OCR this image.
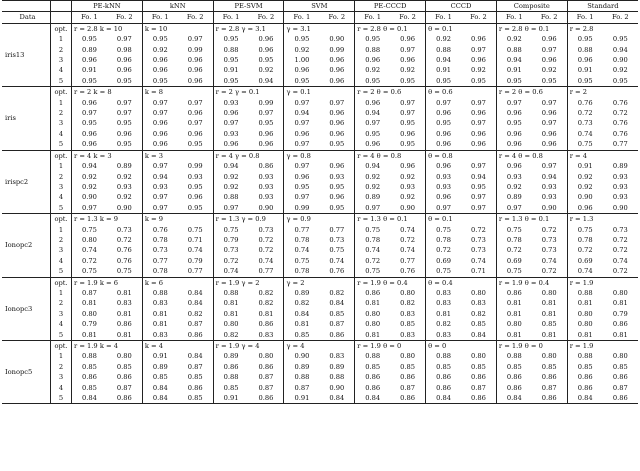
		PE-kNN		kNN		PE-SVM		SVM		PE-CCCD		CCCD		Composite		Standard	
Data		Fo. 1	Fo. 2	Fo. 1	Fo. 2	Fo. 1	Fo. 2	Fo. 1	Fo. 2	Fo. 1	Fo. 2	Fo. 1	Fo. 2	Fo. 1	Fo. 2	Fo. 1	Fo. 2
iris13	opt.	r = 2.8 k = 10		k = 10		r = 2.8 γ = 3.1		γ = 3.1		r = 2.8 θ = 0.1		θ = 0.1		r = 2.8 θ = 0.1		r = 2.8	
	1	0.95	0.97	0.95	0.97	0.95	0.96	0.95	0.90	0.95	0.96	0.92	0.96	0.92	0.96	0.95	0.95
	2	0.89	0.98	0.92	0.99	0.88	0.96	0.92	0.99	0.88	0.97	0.88	0.97	0.88	0.97	0.88	0.94
	3	0.96	0.96	0.96	0.96	0.95	0.95	1.00	0.96	0.96	0.96	0.94	0.96	0.94	0.96	0.96	0.90
	4	0.91	0.96	0.96	0.96	0.91	0.92	0.96	0.96	0.92	0.92	0.91	0.92	0.91	0.92	0.91	0.92
	5	0.95	0.95	0.95	0.96	0.95	0.94	0.95	0.96	0.95	0.95	0.95	0.95	0.95	0.95	0.95	0.95
iris	opt.	r = 2 k = 8		k = 8		r = 2 γ = 0.1		γ = 0.1		r = 2 θ = 0.6		θ = 0.6		r = 2 θ = 0.6		r = 2	
	1	0.96	0.97	0.97	0.97	0.93	0.99	0.97	0.97	0.96	0.97	0.97	0.97	0.97	0.97	0.76	0.76
	2	0.97	0.97	0.97	0.96	0.96	0.97	0.94	0.96	0.94	0.97	0.96	0.96	0.96	0.96	0.72	0.72
	3	0.95	0.95	0.96	0.97	0.97	0.95	0.97	0.96	0.97	0.95	0.95	0.97	0.95	0.97	0.73	0.76
	4	0.96	0.96	0.96	0.96	0.93	0.96	0.96	0.96	0.95	0.96	0.96	0.96	0.96	0.96	0.74	0.76
	5	0.96	0.95	0.96	0.95	0.96	0.96	0.97	0.95	0.96	0.95	0.96	0.96	0.96	0.96	0.75	0.77
irispc2	opt.	r = 4 k = 3		k = 3		r = 4 γ = 0.8		γ = 0.8		r = 4 θ = 0.8		θ = 0.8		r = 4 θ = 0.8		r = 4	
	1	0.94	0.89	0.97	0.99	0.94	0.86	0.97	0.96	0.94	0.96	0.96	0.97	0.96	0.97	0.91	0.89
	2	0.92	0.92	0.94	0.93	0.92	0.93	0.96	0.93	0.92	0.92	0.93	0.94	0.93	0.94	0.92	0.93
	3	0.92	0.93	0.93	0.95	0.92	0.93	0.95	0.95	0.92	0.93	0.93	0.95	0.92	0.93	0.92	0.93
	4	0.90	0.92	0.97	0.96	0.88	0.93	0.97	0.96	0.89	0.92	0.96	0.97	0.89	0.93	0.90	0.93
	5	0.97	0.90	0.97	0.95	0.97	0.90	0.99	0.95	0.97	0.90	0.97	0.97	0.97	0.90	0.96	0.90
Ionopc2	opt.	r = 1.3 k = 9		k = 9		r = 1.3 γ = 0.9		γ = 0.9		r = 1.3 θ = 0.1		θ = 0.1		r = 1.3 θ = 0.1		r = 1.3	
	1	0.75	0.73	0.76	0.75	0.75	0.73	0.77	0.77	0.75	0.74	0.75	0.72	0.75	0.72	0.75	0.73
	2	0.80	0.72	0.78	0.71	0.79	0.72	0.78	0.73	0.78	0.72	0.78	0.73	0.78	0.73	0.78	0.72
	3	0.74	0.76	0.73	0.74	0.73	0.72	0.74	0.75	0.74	0.74	0.72	0.73	0.72	0.73	0.72	0.72
	4	0.72	0.76	0.77	0.79	0.72	0.74	0.75	0.74	0.72	0.77	0.69	0.74	0.69	0.74	0.69	0.74
	5	0.75	0.75	0.78	0.77	0.74	0.77	0.78	0.76	0.75	0.76	0.75	0.71	0.75	0.72	0.74	0.72
Ionopc3	opt.	r = 1.9 k = 6		k = 6		r = 1.9 γ = 2		γ = 2		r = 1.9 θ = 0.4		θ = 0.4		r = 1.9 θ = 0.4		r = 1.9	
	1	0.87	0.81	0.88	0.84	0.88	0.82	0.89	0.82	0.86	0.80	0.83	0.80	0.86	0.80	0.88	0.80
	2	0.81	0.83	0.83	0.84	0.81	0.82	0.82	0.84	0.81	0.82	0.83	0.83	0.81	0.81	0.81	0.81
	3	0.80	0.81	0.81	0.82	0.81	0.81	0.84	0.85	0.80	0.83	0.81	0.82	0.81	0.81	0.80	0.79
	4	0.79	0.86	0.81	0.87	0.80	0.86	0.81	0.87	0.80	0.85	0.82	0.85	0.80	0.85	0.80	0.86
	5	0.81	0.81	0.83	0.86	0.82	0.83	0.85	0.86	0.81	0.83	0.83	0.84	0.81	0.81	0.81	0.81
Ionopc5	opt.	r = 1.9 k = 4		k = 4		r = 1.9 γ = 4		γ = 4		r = 1.9 θ = 0		θ = 0		r = 1.9 θ = 0		r = 1.9	
	1	0.88	0.80	0.91	0.84	0.89	0.80	0.90	0.83	0.88	0.80	0.88	0.80	0.88	0.80	0.88	0.80
	2	0.85	0.85	0.89	0.87	0.86	0.86	0.89	0.89	0.85	0.85	0.85	0.85	0.85	0.85	0.85	0.85
	3	0.86	0.86	0.85	0.85	0.88	0.87	0.88	0.88	0.86	0.86	0.86	0.86	0.86	0.86	0.86	0.86
	4	0.85	0.87	0.84	0.86	0.85	0.87	0.87	0.90	0.86	0.87	0.86	0.87	0.86	0.87	0.86	0.87
	5	0.84	0.86	0.84	0.85	0.91	0.86	0.91	0.84	0.84	0.86	0.84	0.86	0.84	0.86	0.84	0.86
